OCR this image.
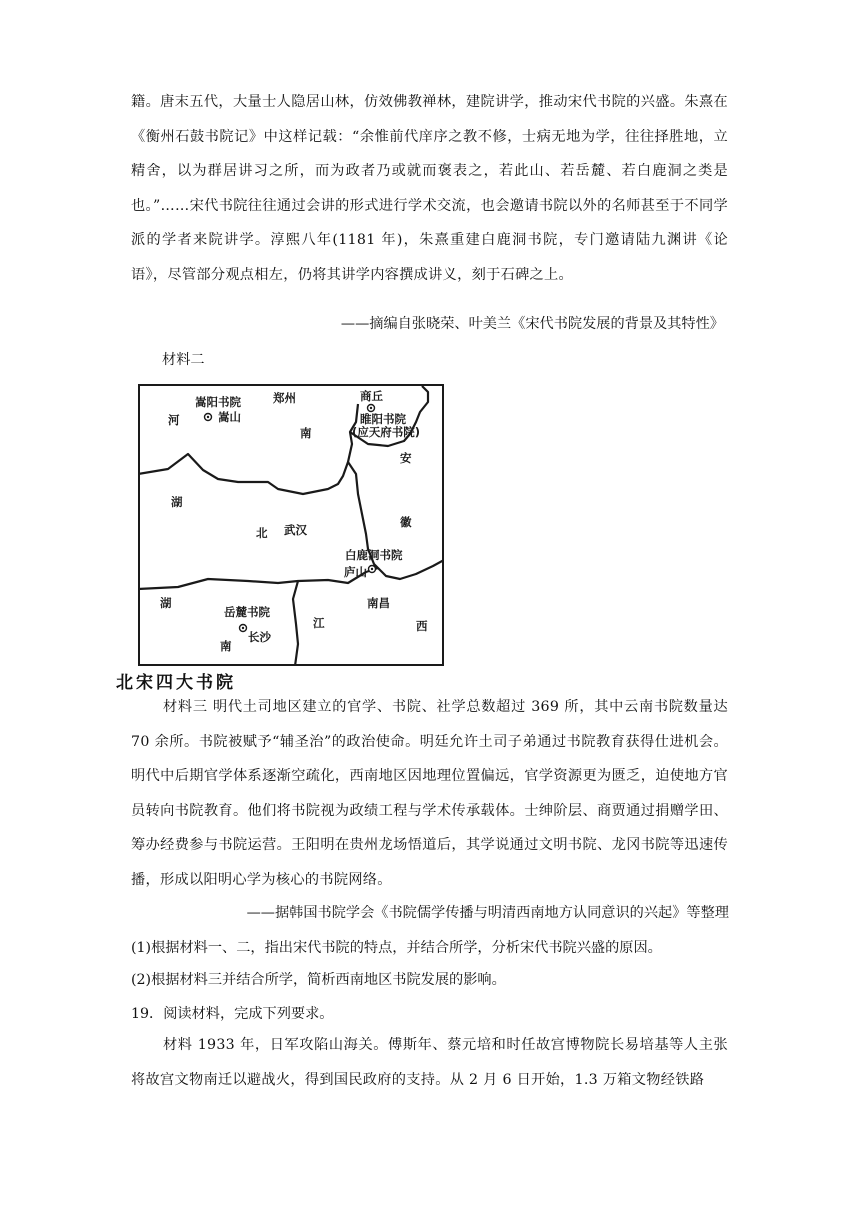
籍。唐末五代，大量士人隐居山林，仿效佛教禅林，建院讲学，推动宋代书院的兴盛。朱熹在《衡州石鼓书院记》中这样记载：“余惟前代庠序之教不修，士病无地为学，往往择胜地，立精舍，以为群居讲习之所，而为政者乃或就而褒表之，若此山、若岳麓、若白鹿洞之类是也。”……宋代书院往往通过会讲的形式进行学术交流，也会邀请书院以外的名师甚至于不同学派的学者来院讲学。淳熙八年(1181 年)，朱熹重建白鹿洞书院，专门邀请陆九渊讲《论语》，尽管部分观点相左，仍将其讲学内容撰成讲义，刻于石碑之上。

——摘编自张晓荣、叶美兰《宋代书院发展的背景及其特性》

材料二

嵩阳书院
嵩山
郑州	商丘
睢阳书院
(应天府书院)
河
南
安
湖
徽
北 武汉
白鹿洞书院
庐山
湖
岳麓书院
长沙
南
江
南昌
西

北宋四大书院

材料三 明代土司地区建立的官学、书院、社学总数超过 369 所，其中云南书院数量达 70 余所。书院被赋予“辅圣治”的政治使命。明廷允许土司子弟通过书院教育获得仕进机会。明代中后期官学体系逐渐空疏化，西南地区因地理位置偏远，官学资源更为匮乏，迫使地方官员转向书院教育。他们将书院视为政绩工程与学术传承载体。士绅阶层、商贾通过捐赠学田、筹办经费参与书院运营。王阳明在贵州龙场悟道后，其学说通过文明书院、龙冈书院等迅速传播，形成以阳明心学为核心的书院网络。

——据韩国书院学会《书院儒学传播与明清西南地方认同意识的兴起》等整理

(1)根据材料一、二，指出宋代书院的特点，并结合所学，分析宋代书院兴盛的原因。

(2)根据材料三并结合所学，简析西南地区书院发展的影响。

19．阅读材料，完成下列要求。

材料 1933 年，日军攻陷山海关。傅斯年、蔡元培和时任故宫博物院长易培基等人主张将故宫文物南迁以避战火，得到国民政府的支持。从 2 月 6 日开始，1.3 万箱文物经铁路
